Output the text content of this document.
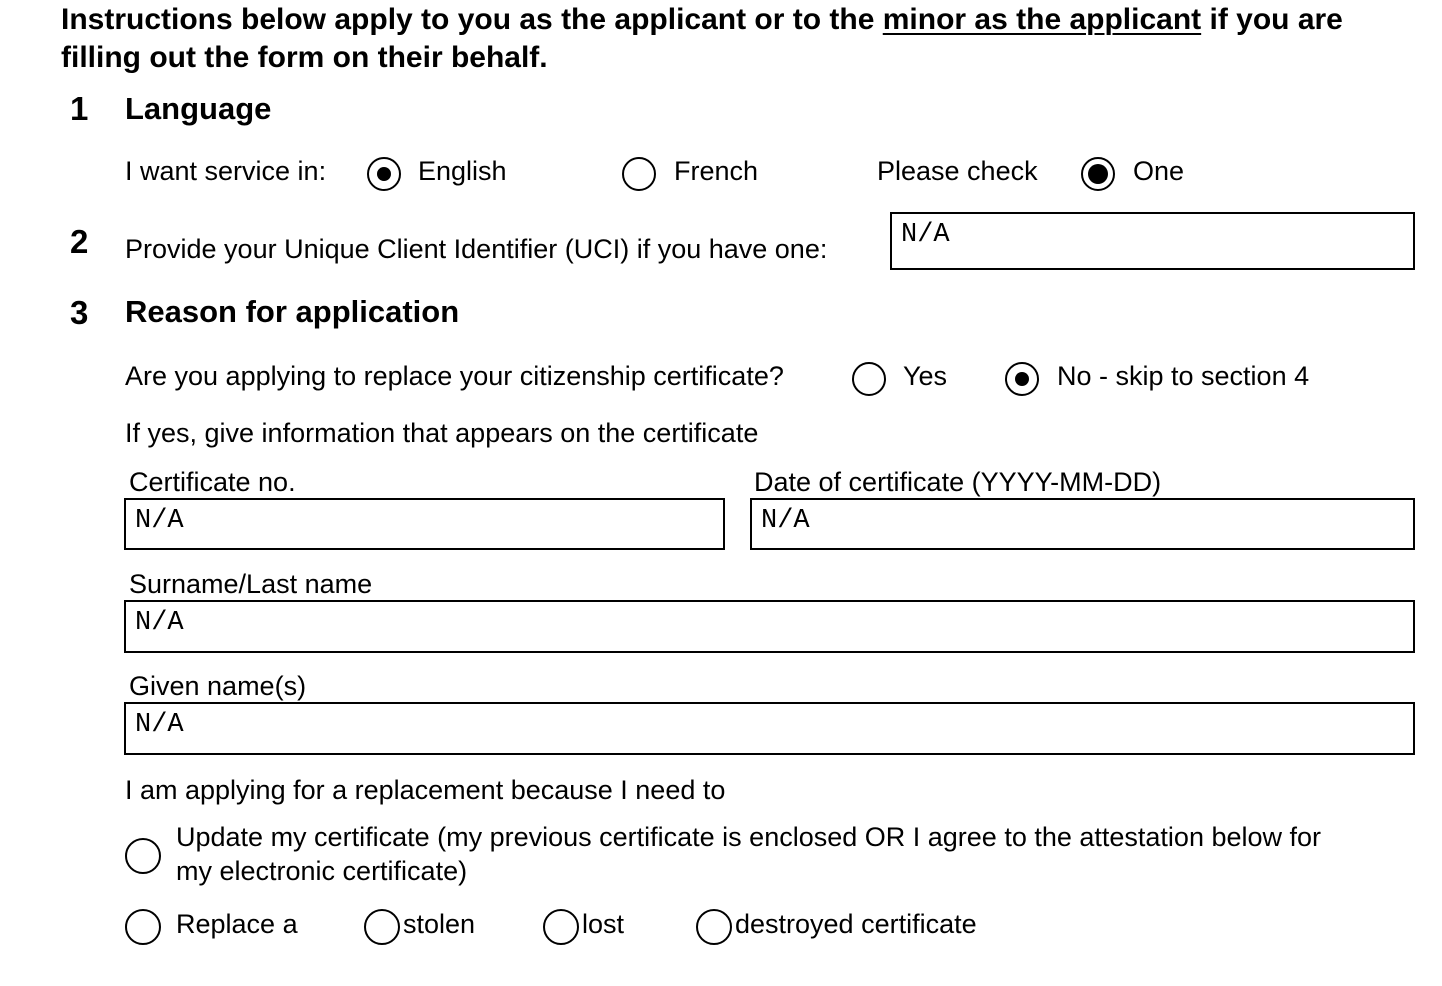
Instructions below apply to you as the applicant or to the minor as the applicant if you are filling out the form on their behalf.
1 Language
I want service in:	English	French	Please check	One
2 Provide your Unique Client Identifier (UCI) if you have one:	N/A
3 Reason for application
Are you applying to replace your citizenship certificate?	Yes	No - skip to section 4
If yes, give information that appears on the certificate
Certificate no.
N/A
Date of certificate (YYYY-MM-DD)
N/A
Surname/Last name
N/A
Given name(s)
N/A
I am applying for a replacement because I need to
Update my certificate (my previous certificate is enclosed OR I agree to the attestation below for
my electronic certificate)
Replace a	stolen	lost	destroyed certificate
